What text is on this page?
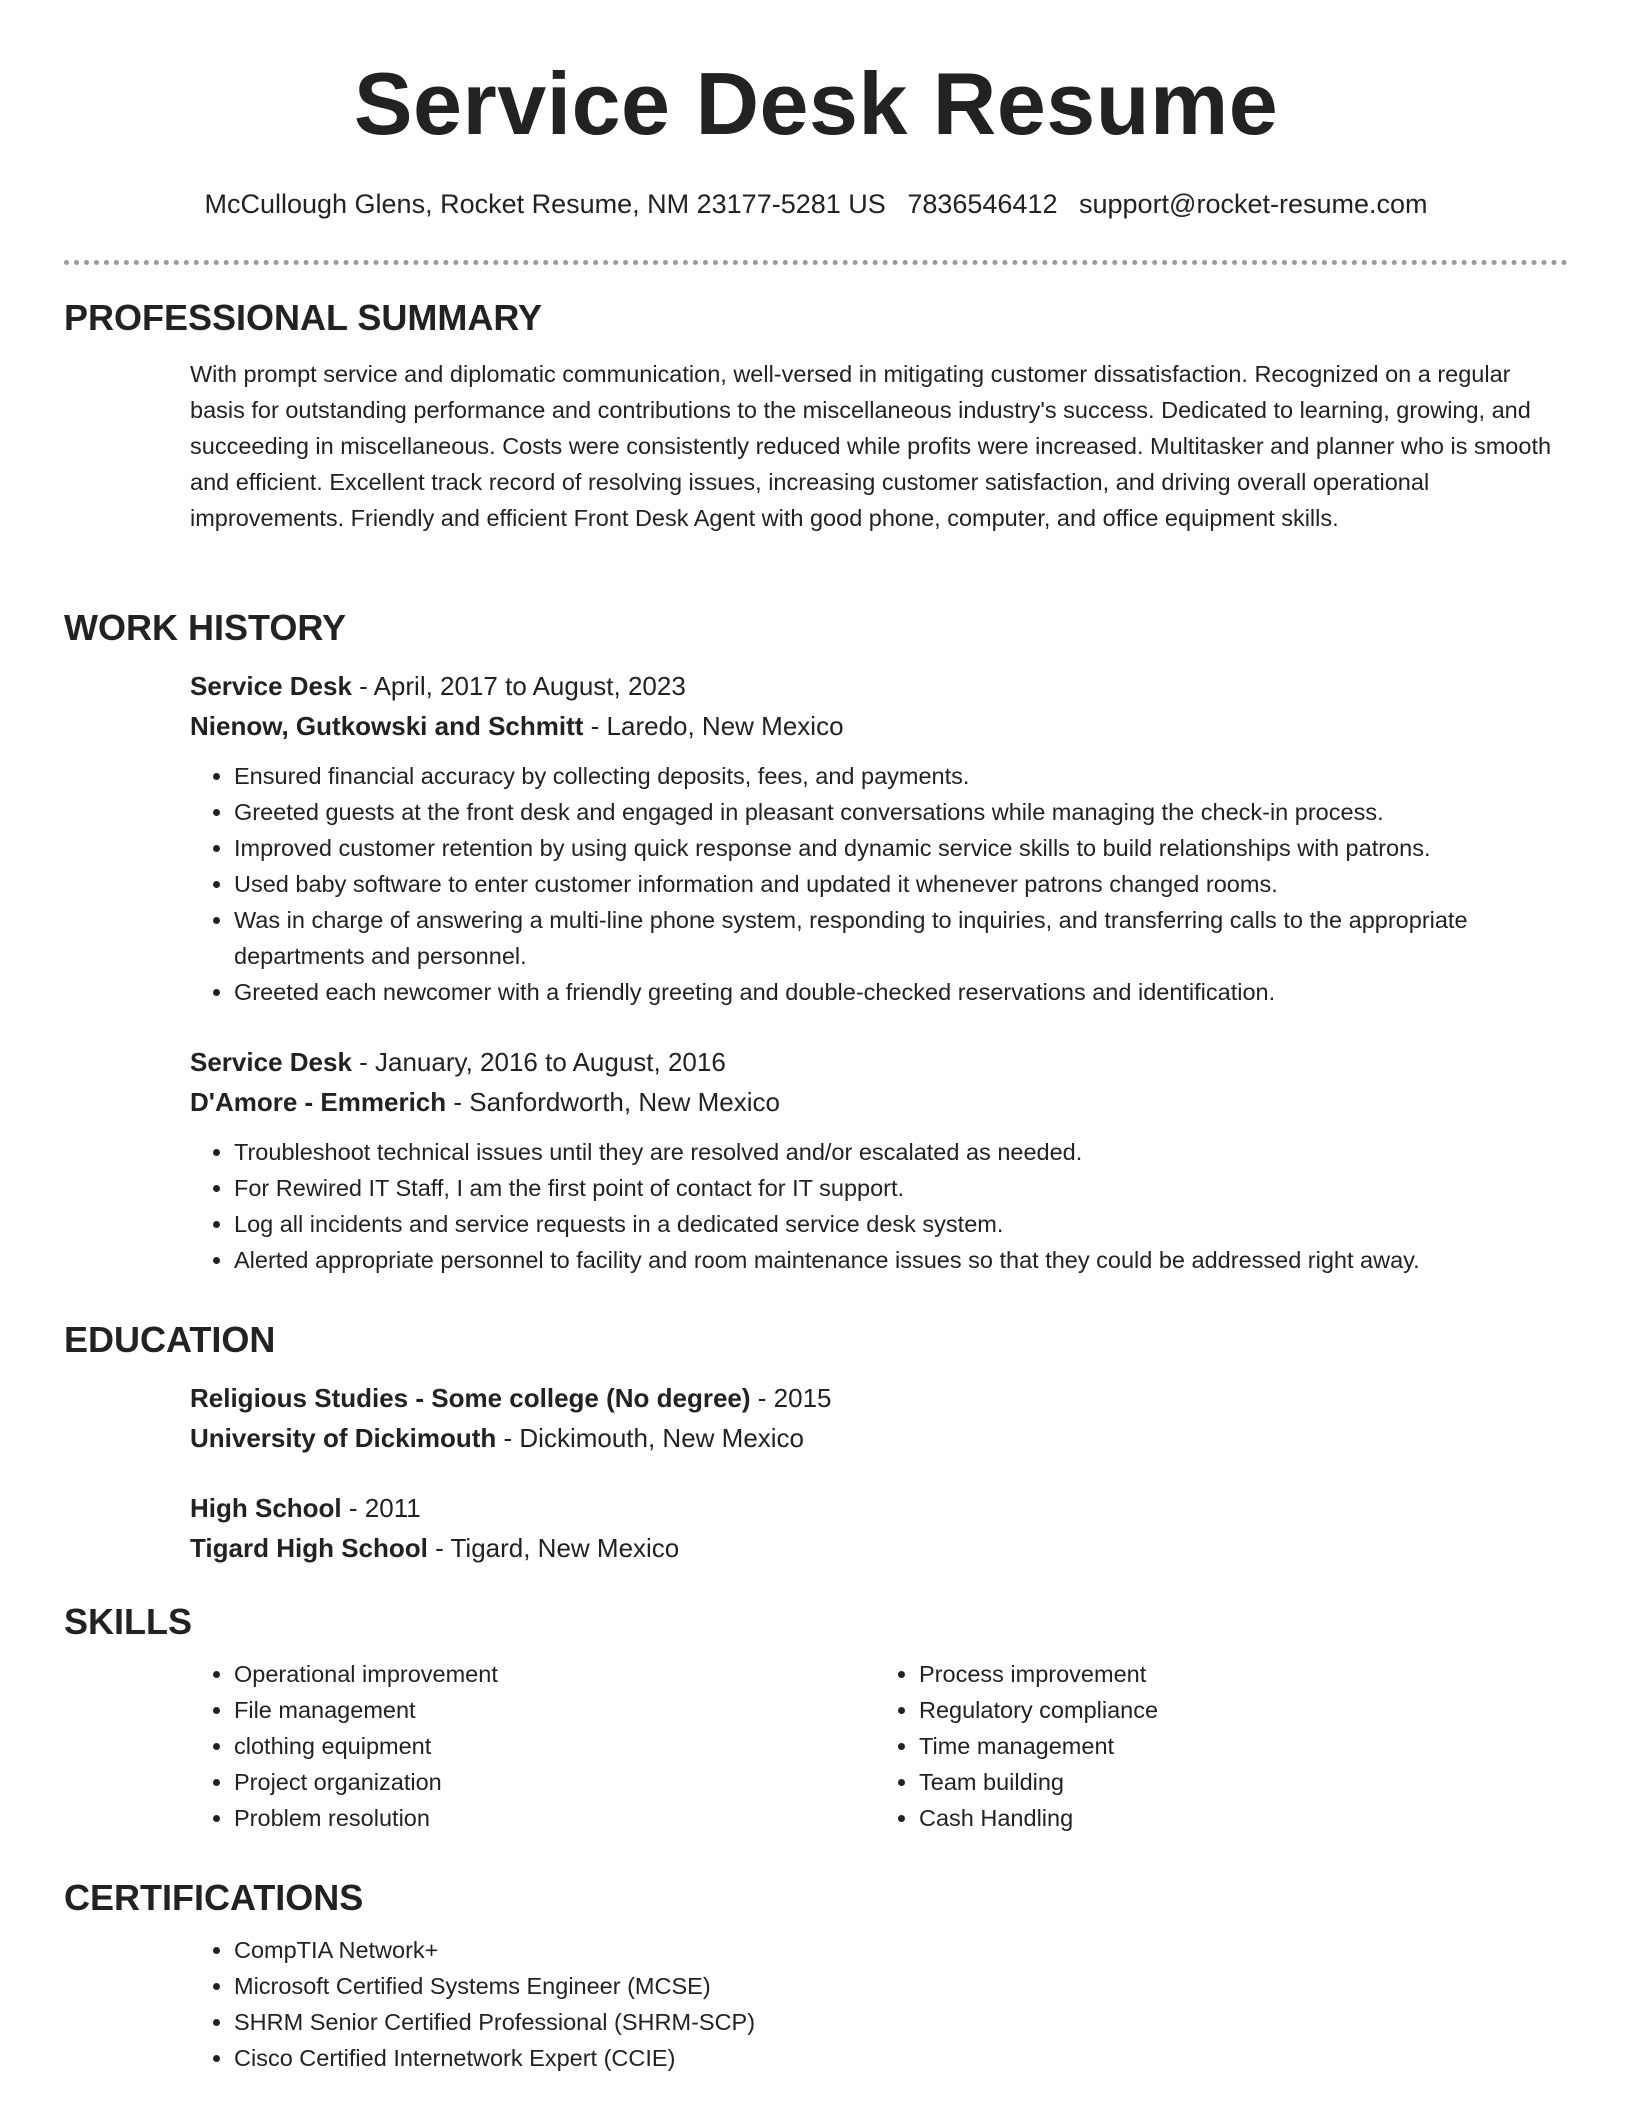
Service Desk Resume
McCullough Glens, Rocket Resume, NM 23177-5281 US 7836546412 support@rocket-resume.com
PROFESSIONAL SUMMARY

With prompt service and diplomatic communication, well-versed in mitigating customer dissatisfaction. Recognized on a regular basis for outstanding performance and contributions to the miscellaneous industry's success. Dedicated to learning, growing, and succeeding in miscellaneous. Costs were consistently reduced while profits were increased. Multitasker and planner who is smooth and efficient. Excellent track record of resolving issues, increasing customer satisfaction, and driving overall operational improvements. Friendly and efficient Front Desk Agent with good phone, computer, and office equipment skills.

WORK HISTORY
Service Desk - April, 2017 to August, 2023
Nienow, Gutkowski and Schmitt - Laredo, New Mexico
• Ensured financial accuracy by collecting deposits, fees, and payments.
• Greeted guests at the front desk and engaged in pleasant conversations while managing the check-in process.
• Improved customer retention by using quick response and dynamic service skills to build relationships with patrons.
• Used baby software to enter customer information and updated it whenever patrons changed rooms.
• Was in charge of answering a multi-line phone system, responding to inquiries, and transferring calls to the appropriate departments and personnel.
• Greeted each newcomer with a friendly greeting and double-checked reservations and identification.
Service Desk - January, 2016 to August, 2016
D'Amore - Emmerich - Sanfordworth, New Mexico
• Troubleshoot technical issues until they are resolved and/or escalated as needed.
• For Rewired IT Staff, I am the first point of contact for IT support.
• Log all incidents and service requests in a dedicated service desk system.
• Alerted appropriate personnel to facility and room maintenance issues so that they could be addressed right away.
EDUCATION
Religious Studies - Some college (No degree) - 2015
University of Dickimouth - Dickimouth, New Mexico
High School - 2011
Tigard High School - Tigard, New Mexico
SKILLS
• Operational improvement
• File management
• clothing equipment
• Project organization
• Problem resolution
• Process improvement
• Regulatory compliance
• Time management
• Team building
• Cash Handling
CERTIFICATIONS
• CompTIA Network+
• Microsoft Certified Systems Engineer (MCSE)
• SHRM Senior Certified Professional (SHRM-SCP)
• Cisco Certified Internetwork Expert (CCIE)
